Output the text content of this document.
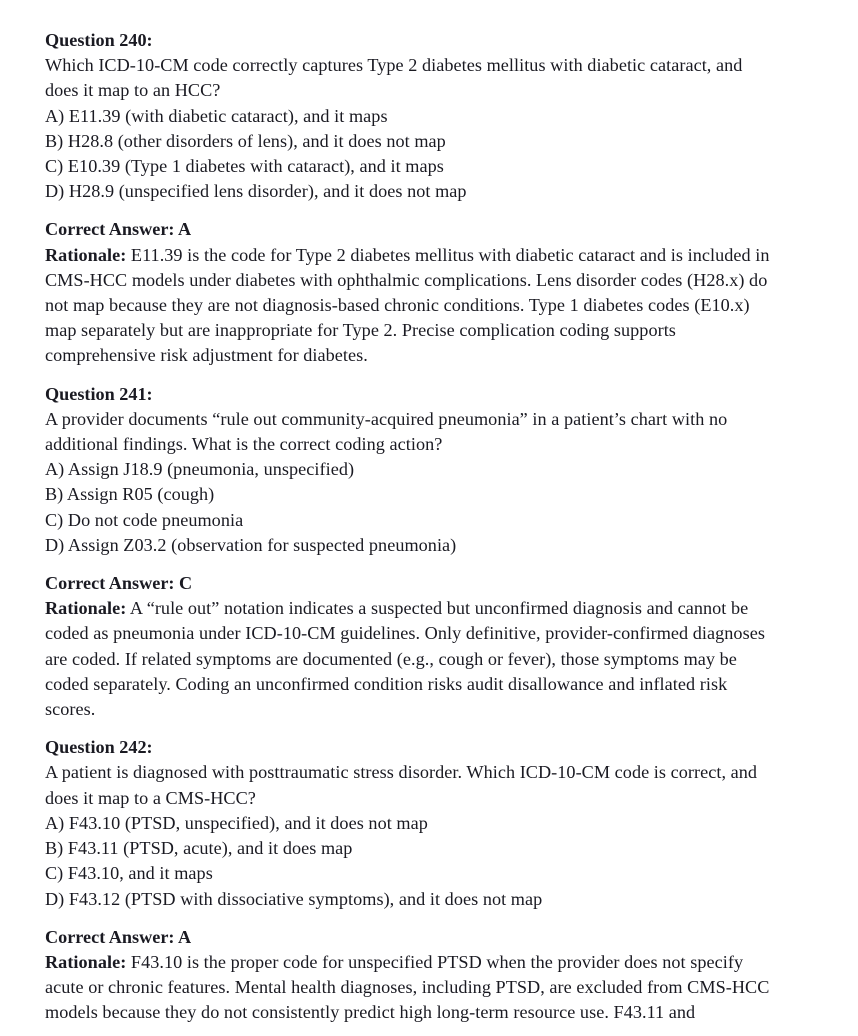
Question 240:
Which ICD-10-CM code correctly captures Type 2 diabetes mellitus with diabetic cataract, and does it map to an HCC?
A) E11.39 (with diabetic cataract), and it maps
B) H28.8 (other disorders of lens), and it does not map
C) E10.39 (Type 1 diabetes with cataract), and it maps
D) H28.9 (unspecified lens disorder), and it does not map
Correct Answer: A
Rationale: E11.39 is the code for Type 2 diabetes mellitus with diabetic cataract and is included in CMS-HCC models under diabetes with ophthalmic complications. Lens disorder codes (H28.x) do not map because they are not diagnosis-based chronic conditions. Type 1 diabetes codes (E10.x) map separately but are inappropriate for Type 2. Precise complication coding supports comprehensive risk adjustment for diabetes.
Question 241:
A provider documents “rule out community-acquired pneumonia” in a patient’s chart with no additional findings. What is the correct coding action?
A) Assign J18.9 (pneumonia, unspecified)
B) Assign R05 (cough)
C) Do not code pneumonia
D) Assign Z03.2 (observation for suspected pneumonia)
Correct Answer: C
Rationale: A “rule out” notation indicates a suspected but unconfirmed diagnosis and cannot be coded as pneumonia under ICD-10-CM guidelines. Only definitive, provider-confirmed diagnoses are coded. If related symptoms are documented (e.g., cough or fever), those symptoms may be coded separately. Coding an unconfirmed condition risks audit disallowance and inflated risk scores.
Question 242:
A patient is diagnosed with posttraumatic stress disorder. Which ICD-10-CM code is correct, and does it map to a CMS-HCC?
A) F43.10 (PTSD, unspecified), and it does not map
B) F43.11 (PTSD, acute), and it does map
C) F43.10, and it maps
D) F43.12 (PTSD with dissociative symptoms), and it does not map
Correct Answer: A
Rationale: F43.10 is the proper code for unspecified PTSD when the provider does not specify acute or chronic features. Mental health diagnoses, including PTSD, are excluded from CMS-HCC models because they do not consistently predict high long-term resource use. F43.11 and
